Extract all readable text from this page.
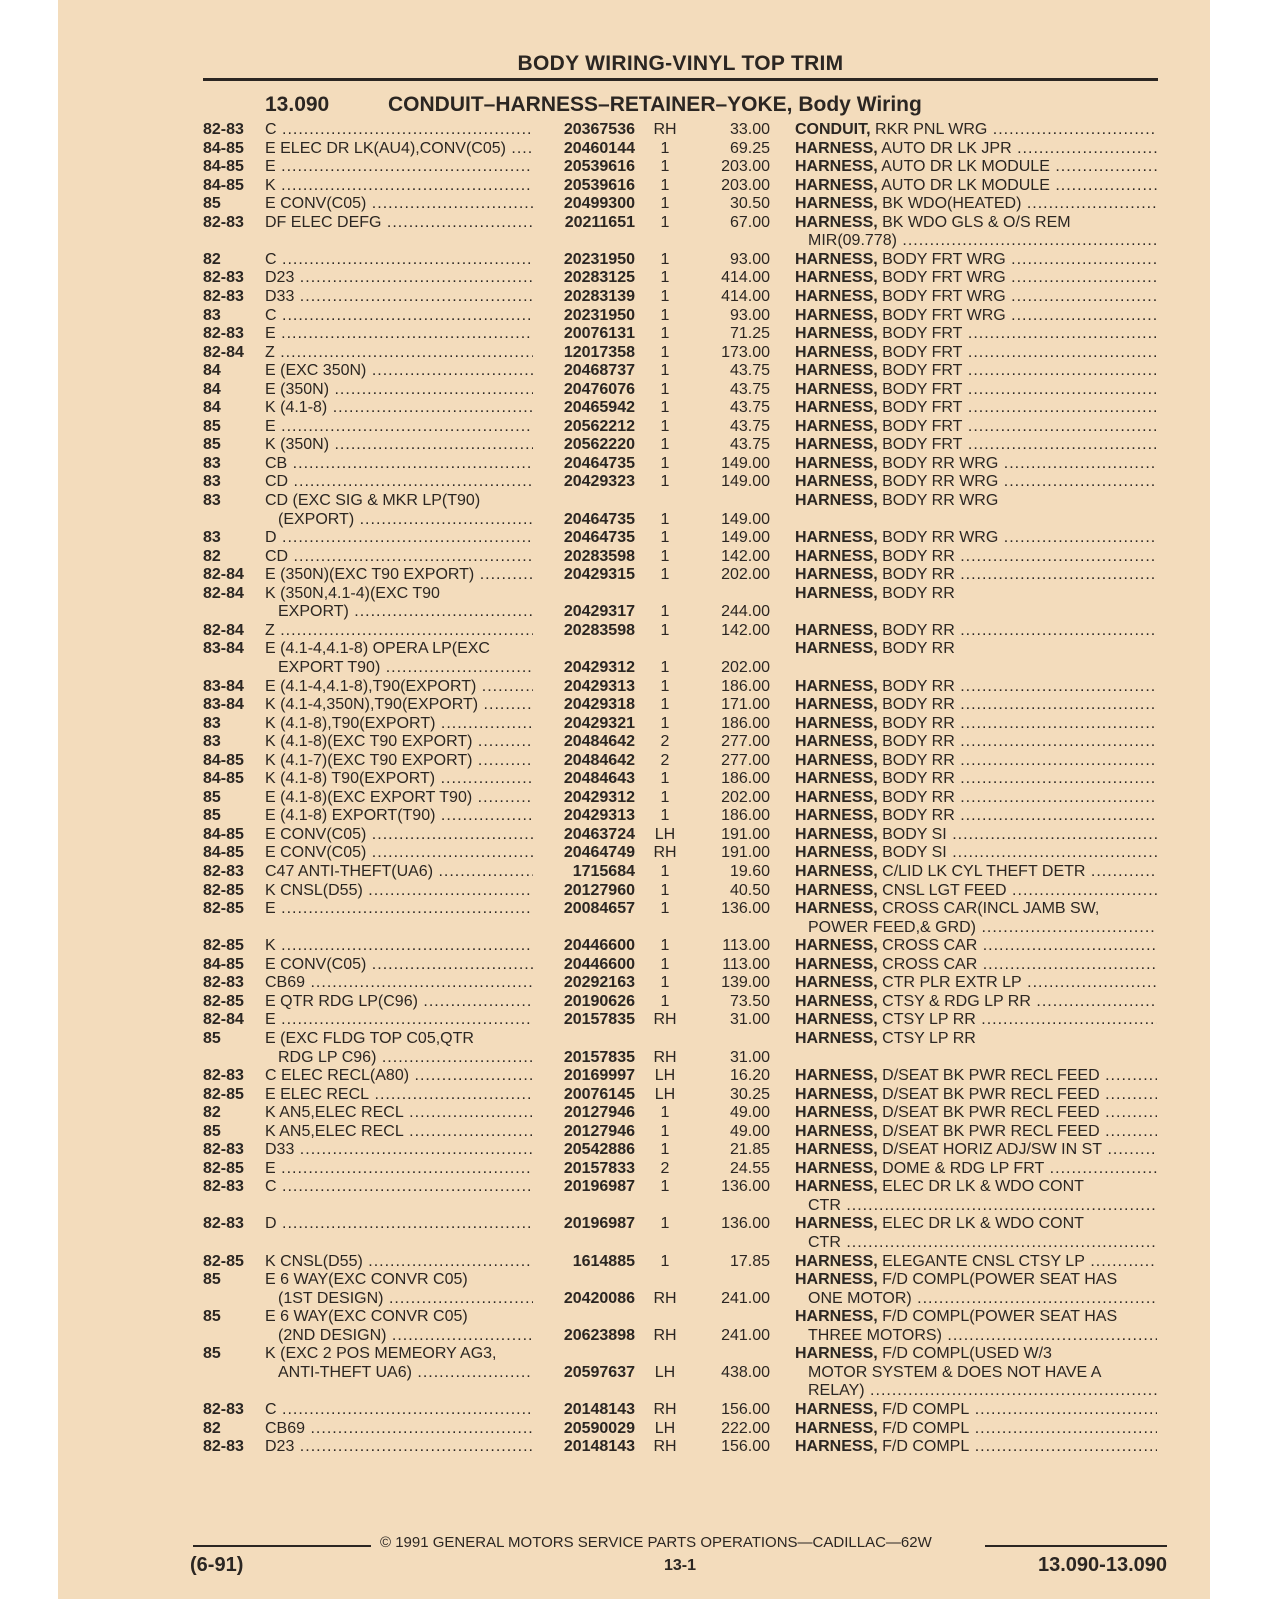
BODY WIRING-VINYL TOP TRIM
13.090	CONDUIT–HARNESS–RETAINER–YOKE, Body Wiring
82-83	C .....	20367536	RH	33.00 CONDUIT, RKR PNL WRG .....
84-85	E ELEC DR LK(AU4),CONV(C05) .....	20460144	1	69.25 HARNESS, AUTO DR LK JPR .....
84-85	E .....	20539616	1	203.00 HARNESS, AUTO DR LK MODULE .....
84-85	K .....	20539616	1	203.00 HARNESS, AUTO DR LK MODULE .....
85	E CONV(C05) .....	20499300	1	30.50 HARNESS, BK WDO(HEATED) .....
82-83	DF ELEC DEFG .....	20211651	1	67.00 HARNESS, BK WDO GLS & O/S REM
MIR(09.778) .....
82	C .....	20231950	1	93.00 HARNESS, BODY FRT WRG .....
82-83	D23 .....	20283125	1	414.00 HARNESS, BODY FRT WRG .....
82-83	D33 .....	20283139	1	414.00 HARNESS, BODY FRT WRG .....
83	C .....	20231950	1	93.00 HARNESS, BODY FRT WRG .....
82-83	E .....	20076131	1	71.25 HARNESS, BODY FRT .....
82-84	Z .....	12017358	1	173.00 HARNESS, BODY FRT .....
84	E (EXC 350N) .....	20468737	1	43.75 HARNESS, BODY FRT .....
84	E (350N) .....	20476076	1	43.75 HARNESS, BODY FRT .....
84	K (4.1-8) .....	20465942	1	43.75 HARNESS, BODY FRT .....
85	E .....	20562212	1	43.75 HARNESS, BODY FRT .....
85	K (350N) .....	20562220	1	43.75 HARNESS, BODY FRT .....
83	CB .....	20464735	1	149.00 HARNESS, BODY RR WRG .....
83	CD .....	20429323	1	149.00 HARNESS, BODY RR WRG .....
83	CD (EXC SIG & MKR LP(T90)	HARNESS, BODY RR WRG
(EXPORT) .....	20464735	1	149.00
83	D .....	20464735	1	149.00 HARNESS, BODY RR WRG .....
82	CD .....	20283598	1	142.00 HARNESS, BODY RR .....
82-84	E (350N)(EXC T90 EXPORT) .....	20429315	1	202.00 HARNESS, BODY RR .....
82-84	K (350N,4.1-4)(EXC T90	HARNESS, BODY RR
EXPORT) .....	20429317	1	244.00
82-84	Z .....	20283598	1	142.00 HARNESS, BODY RR .....
83-84	E (4.1-4,4.1-8) OPERA LP(EXC	HARNESS, BODY RR
EXPORT T90) .....	20429312	1	202.00
83-84	E (4.1-4,4.1-8),T90(EXPORT) .....	20429313	1	186.00 HARNESS, BODY RR .....
83-84	K (4.1-4,350N),T90(EXPORT) .....	20429318	1	171.00 HARNESS, BODY RR .....
83	K (4.1-8),T90(EXPORT) .....	20429321	1	186.00 HARNESS, BODY RR .....
83	K (4.1-8)(EXC T90 EXPORT) .....	20484642	2	277.00 HARNESS, BODY RR .....
84-85	K (4.1-7)(EXC T90 EXPORT) .....	20484642	2	277.00 HARNESS, BODY RR .....
84-85	K (4.1-8) T90(EXPORT) .....	20484643	1	186.00 HARNESS, BODY RR .....
85	E (4.1-8)(EXC EXPORT T90) .....	20429312	1	202.00 HARNESS, BODY RR .....
85	E (4.1-8) EXPORT(T90) .....	20429313	1	186.00 HARNESS, BODY RR .....
84-85	E CONV(C05) .....	20463724	LH	191.00 HARNESS, BODY SI .....
84-85	E CONV(C05) .....	20464749	RH	191.00 HARNESS, BODY SI .....
82-83	C47 ANTI-THEFT(UA6) .....	1715684	1	19.60 HARNESS, C/LID LK CYL THEFT DETR .....
82-85	K CNSL(D55) .....	20127960	1	40.50 HARNESS, CNSL LGT FEED .....
82-85	E .....	20084657	1	136.00 HARNESS, CROSS CAR(INCL JAMB SW,
POWER FEED,& GRD) .....
82-85	K .....	20446600	1	113.00 HARNESS, CROSS CAR .....
84-85	E CONV(C05) .....	20446600	1	113.00 HARNESS, CROSS CAR .....
82-83	CB69 .....	20292163	1	139.00 HARNESS, CTR PLR EXTR LP .....
82-85	E QTR RDG LP(C96) .....	20190626	1	73.50 HARNESS, CTSY & RDG LP RR .....
82-84	E .....	20157835	RH	31.00 HARNESS, CTSY LP RR .....
85	E (EXC FLDG TOP C05,QTR	HARNESS, CTSY LP RR
RDG LP C96) .....	20157835	RH	31.00
82-83	C ELEC RECL(A80) .....	20169997	LH	16.20 HARNESS, D/SEAT BK PWR RECL FEED .....
82-85	E ELEC RECL .....	20076145	LH	30.25 HARNESS, D/SEAT BK PWR RECL FEED .....
82	K AN5,ELEC RECL .....	20127946	1	49.00 HARNESS, D/SEAT BK PWR RECL FEED .....
85	K AN5,ELEC RECL .....	20127946	1	49.00 HARNESS, D/SEAT BK PWR RECL FEED .....
82-83	D33 .....	20542886	1	21.85 HARNESS, D/SEAT HORIZ ADJ/SW IN ST .....
82-85	E .....	20157833	2	24.55 HARNESS, DOME & RDG LP FRT .....
82-83	C .....	20196987	1	136.00 HARNESS, ELEC DR LK & WDO CONT
CTR .....
82-83	D .....	20196987	1	136.00 HARNESS, ELEC DR LK & WDO CONT
CTR .....
82-85	K CNSL(D55) .....	1614885	1	17.85 HARNESS, ELEGANTE CNSL CTSY LP .....
85	E 6 WAY(EXC CONVR C05)	HARNESS, F/D COMPL(POWER SEAT HAS
(1ST DESIGN) .....	20420086	RH	241.00 ONE MOTOR) .....
85	E 6 WAY(EXC CONVR C05)	HARNESS, F/D COMPL(POWER SEAT HAS
(2ND DESIGN) .....	20623898	RH	241.00 THREE MOTORS) .....
85	K (EXC 2 POS MEMEORY AG3,	HARNESS, F/D COMPL(USED W/3
ANTI-THEFT UA6) .....	20597637	LH	438.00 MOTOR SYSTEM & DOES NOT HAVE A
RELAY) .....
82-83	C .....	20148143	RH	156.00 HARNESS, F/D COMPL .....
82	CB69 .....	20590029	LH	222.00 HARNESS, F/D COMPL .....
82-83	D23 .....	20148143	RH	156.00 HARNESS, F/D COMPL .....
© 1991 GENERAL MOTORS SERVICE PARTS OPERATIONS—CADILLAC—62W
(6-91)	13-1	13.090-13.090
